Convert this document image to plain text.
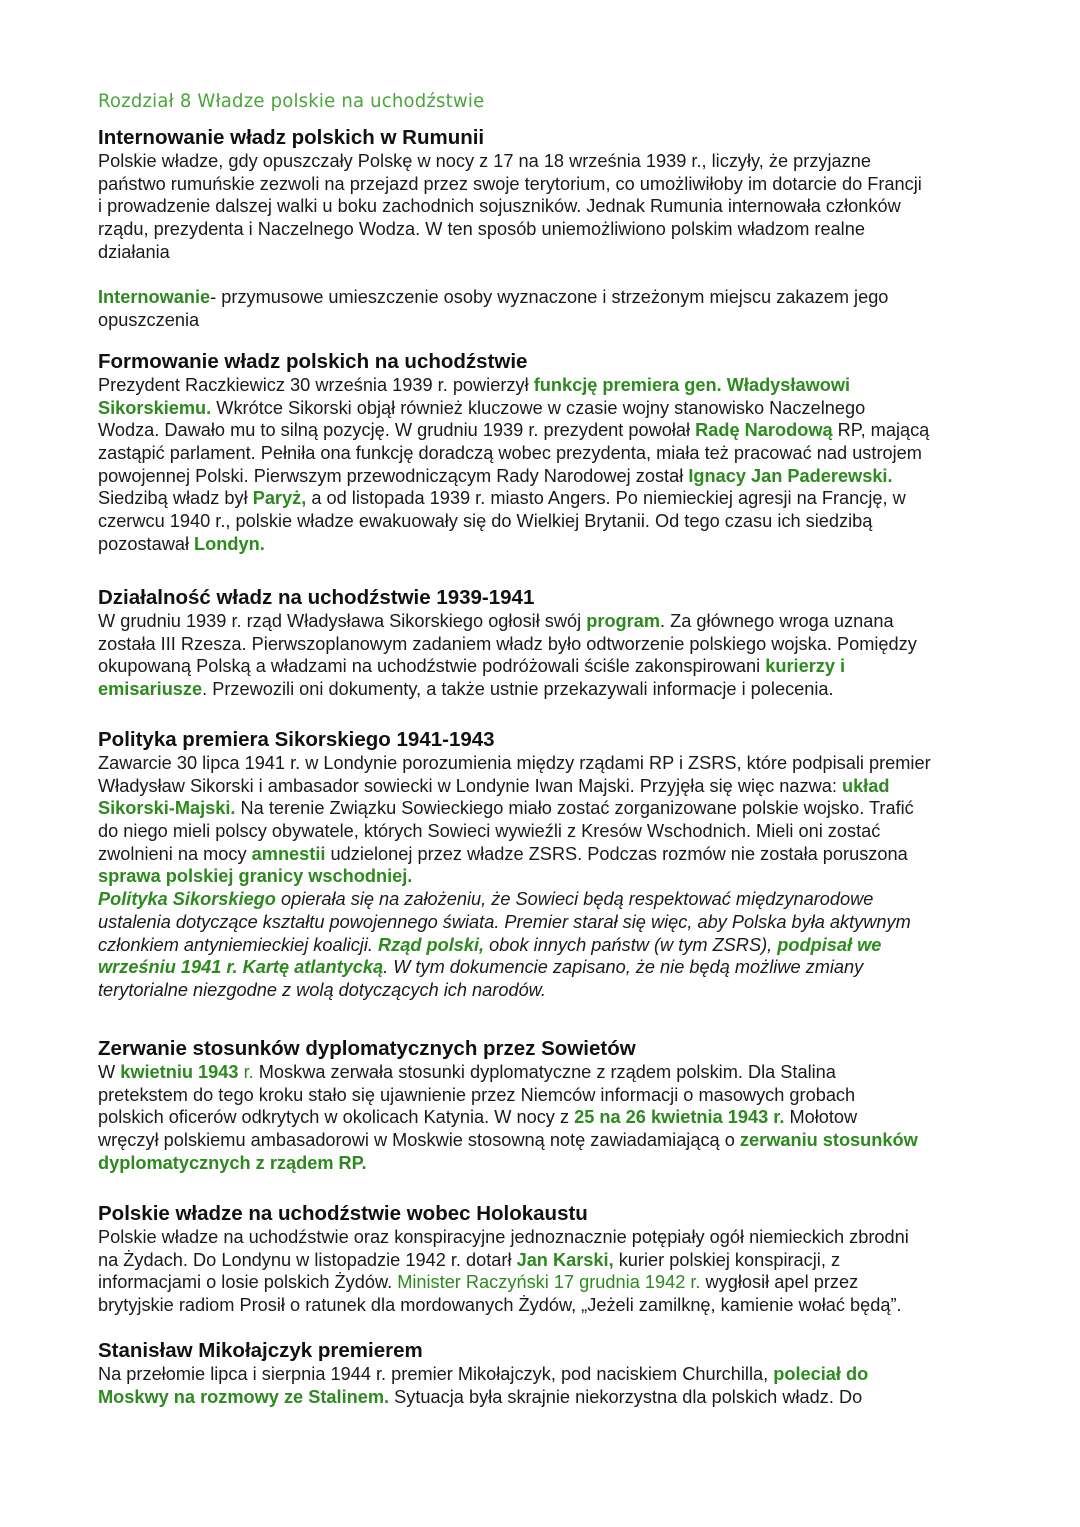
Rozdział 8 Władze polskie na uchodźstwie
Internowanie władz polskich w Rumunii
Polskie władze, gdy opuszczały Polskę w nocy z 17 na 18 września 1939 r., liczyły, że przyjazne
państwo rumuńskie zezwoli na przejazd przez swoje terytorium, co umożliwiłoby im dotarcie do Francji
i prowadzenie dalszej walki u boku zachodnich sojuszników. Jednak Rumunia internowała członków
rządu, prezydenta i Naczelnego Wodza. W ten sposób uniemożliwiono polskim władzom realne
działania
Internowanie- przymusowe umieszczenie osoby wyznaczone i strzeżonym miejscu zakazem jego
opuszczenia
Formowanie władz polskich na uchodźstwie
Prezydent Raczkiewicz 30 września 1939 r. powierzył funkcję premiera gen. Władysławowi
Sikorskiemu. Wkrótce Sikorski objął również kluczowe w czasie wojny stanowisko Naczelnego
Wodza. Dawało mu to silną pozycję. W grudniu 1939 r. prezydent powołał Radę Narodową RP, mającą
zastąpić parlament. Pełniła ona funkcję doradczą wobec prezydenta, miała też pracować nad ustrojem
powojennej Polski. Pierwszym przewodniczącym Rady Narodowej został Ignacy Jan Paderewski.
Siedzibą władz był Paryż, a od listopada 1939 r. miasto Angers. Po niemieckiej agresji na Francję, w
czerwcu 1940 r., polskie władze ewakuowały się do Wielkiej Brytanii. Od tego czasu ich siedzibą
pozostawał Londyn.
Działalność władz na uchodźstwie 1939-1941
W grudniu 1939 r. rząd Władysława Sikorskiego ogłosił swój program. Za głównego wroga uznana
została III Rzesza. Pierwszoplanowym zadaniem władz było odtworzenie polskiego wojska. Pomiędzy
okupowaną Polską a władzami na uchodźstwie podróżowali ściśle zakonspirowani kurierzy i
emisariusze. Przewozili oni dokumenty, a także ustnie przekazywali informacje i polecenia.
Polityka premiera Sikorskiego 1941-1943
Zawarcie 30 lipca 1941 r. w Londynie porozumienia między rządami RP i ZSRS, które podpisali premier
Władysław Sikorski i ambasador sowiecki w Londynie Iwan Majski. Przyjęła się więc nazwa: układ
Sikorski-Majski. Na terenie Związku Sowieckiego miało zostać zorganizowane polskie wojsko. Trafić
do niego mieli polscy obywatele, których Sowieci wywieźli z Kresów Wschodnich. Mieli oni zostać
zwolnieni na mocy amnestii udzielonej przez władze ZSRS. Podczas rozmów nie została poruszona
sprawa polskiej granicy wschodniej.
Polityka Sikorskiego opierała się na założeniu, że Sowieci będą respektować międzynarodowe
ustalenia dotyczące kształtu powojennego świata. Premier starał się więc, aby Polska była aktywnym
członkiem antyniemieckiej koalicji. Rząd polski, obok innych państw (w tym ZSRS), podpisał we
wrześniu 1941 r. Kartę atlantycką. W tym dokumencie zapisano, że nie będą możliwe zmiany
terytorialne niezgodne z wolą dotyczących ich narodów.
Zerwanie stosunków dyplomatycznych przez Sowietów
W kwietniu 1943 r. Moskwa zerwała stosunki dyplomatyczne z rządem polskim. Dla Stalina
pretekstem do tego kroku stało się ujawnienie przez Niemców informacji o masowych grobach
polskich oficerów odkrytych w okolicach Katynia. W nocy z 25 na 26 kwietnia 1943 r. Mołotow
wręczył polskiemu ambasadorowi w Moskwie stosowną notę zawiadamiającą o zerwaniu stosunków
dyplomatycznych z rządem RP.
Polskie władze na uchodźstwie wobec Holokaustu
Polskie władze na uchodźstwie oraz konspiracyjne jednoznacznie potępiały ogół niemieckich zbrodni
na Żydach. Do Londynu w listopadzie 1942 r. dotarł Jan Karski, kurier polskiej konspiracji, z
informacjami o losie polskich Żydów. Minister Raczyński 17 grudnia 1942 r. wygłosił apel przez
brytyjskie radiom Prosił o ratunek dla mordowanych Żydów, „Jeżeli zamilknę, kamienie wołać będą”.
Stanisław Mikołajczyk premierem
Na przełomie lipca i sierpnia 1944 r. premier Mikołajczyk, pod naciskiem Churchilla, poleciał do
Moskwy na rozmowy ze Stalinem. Sytuacja była skrajnie niekorzystna dla polskich władz. Do
